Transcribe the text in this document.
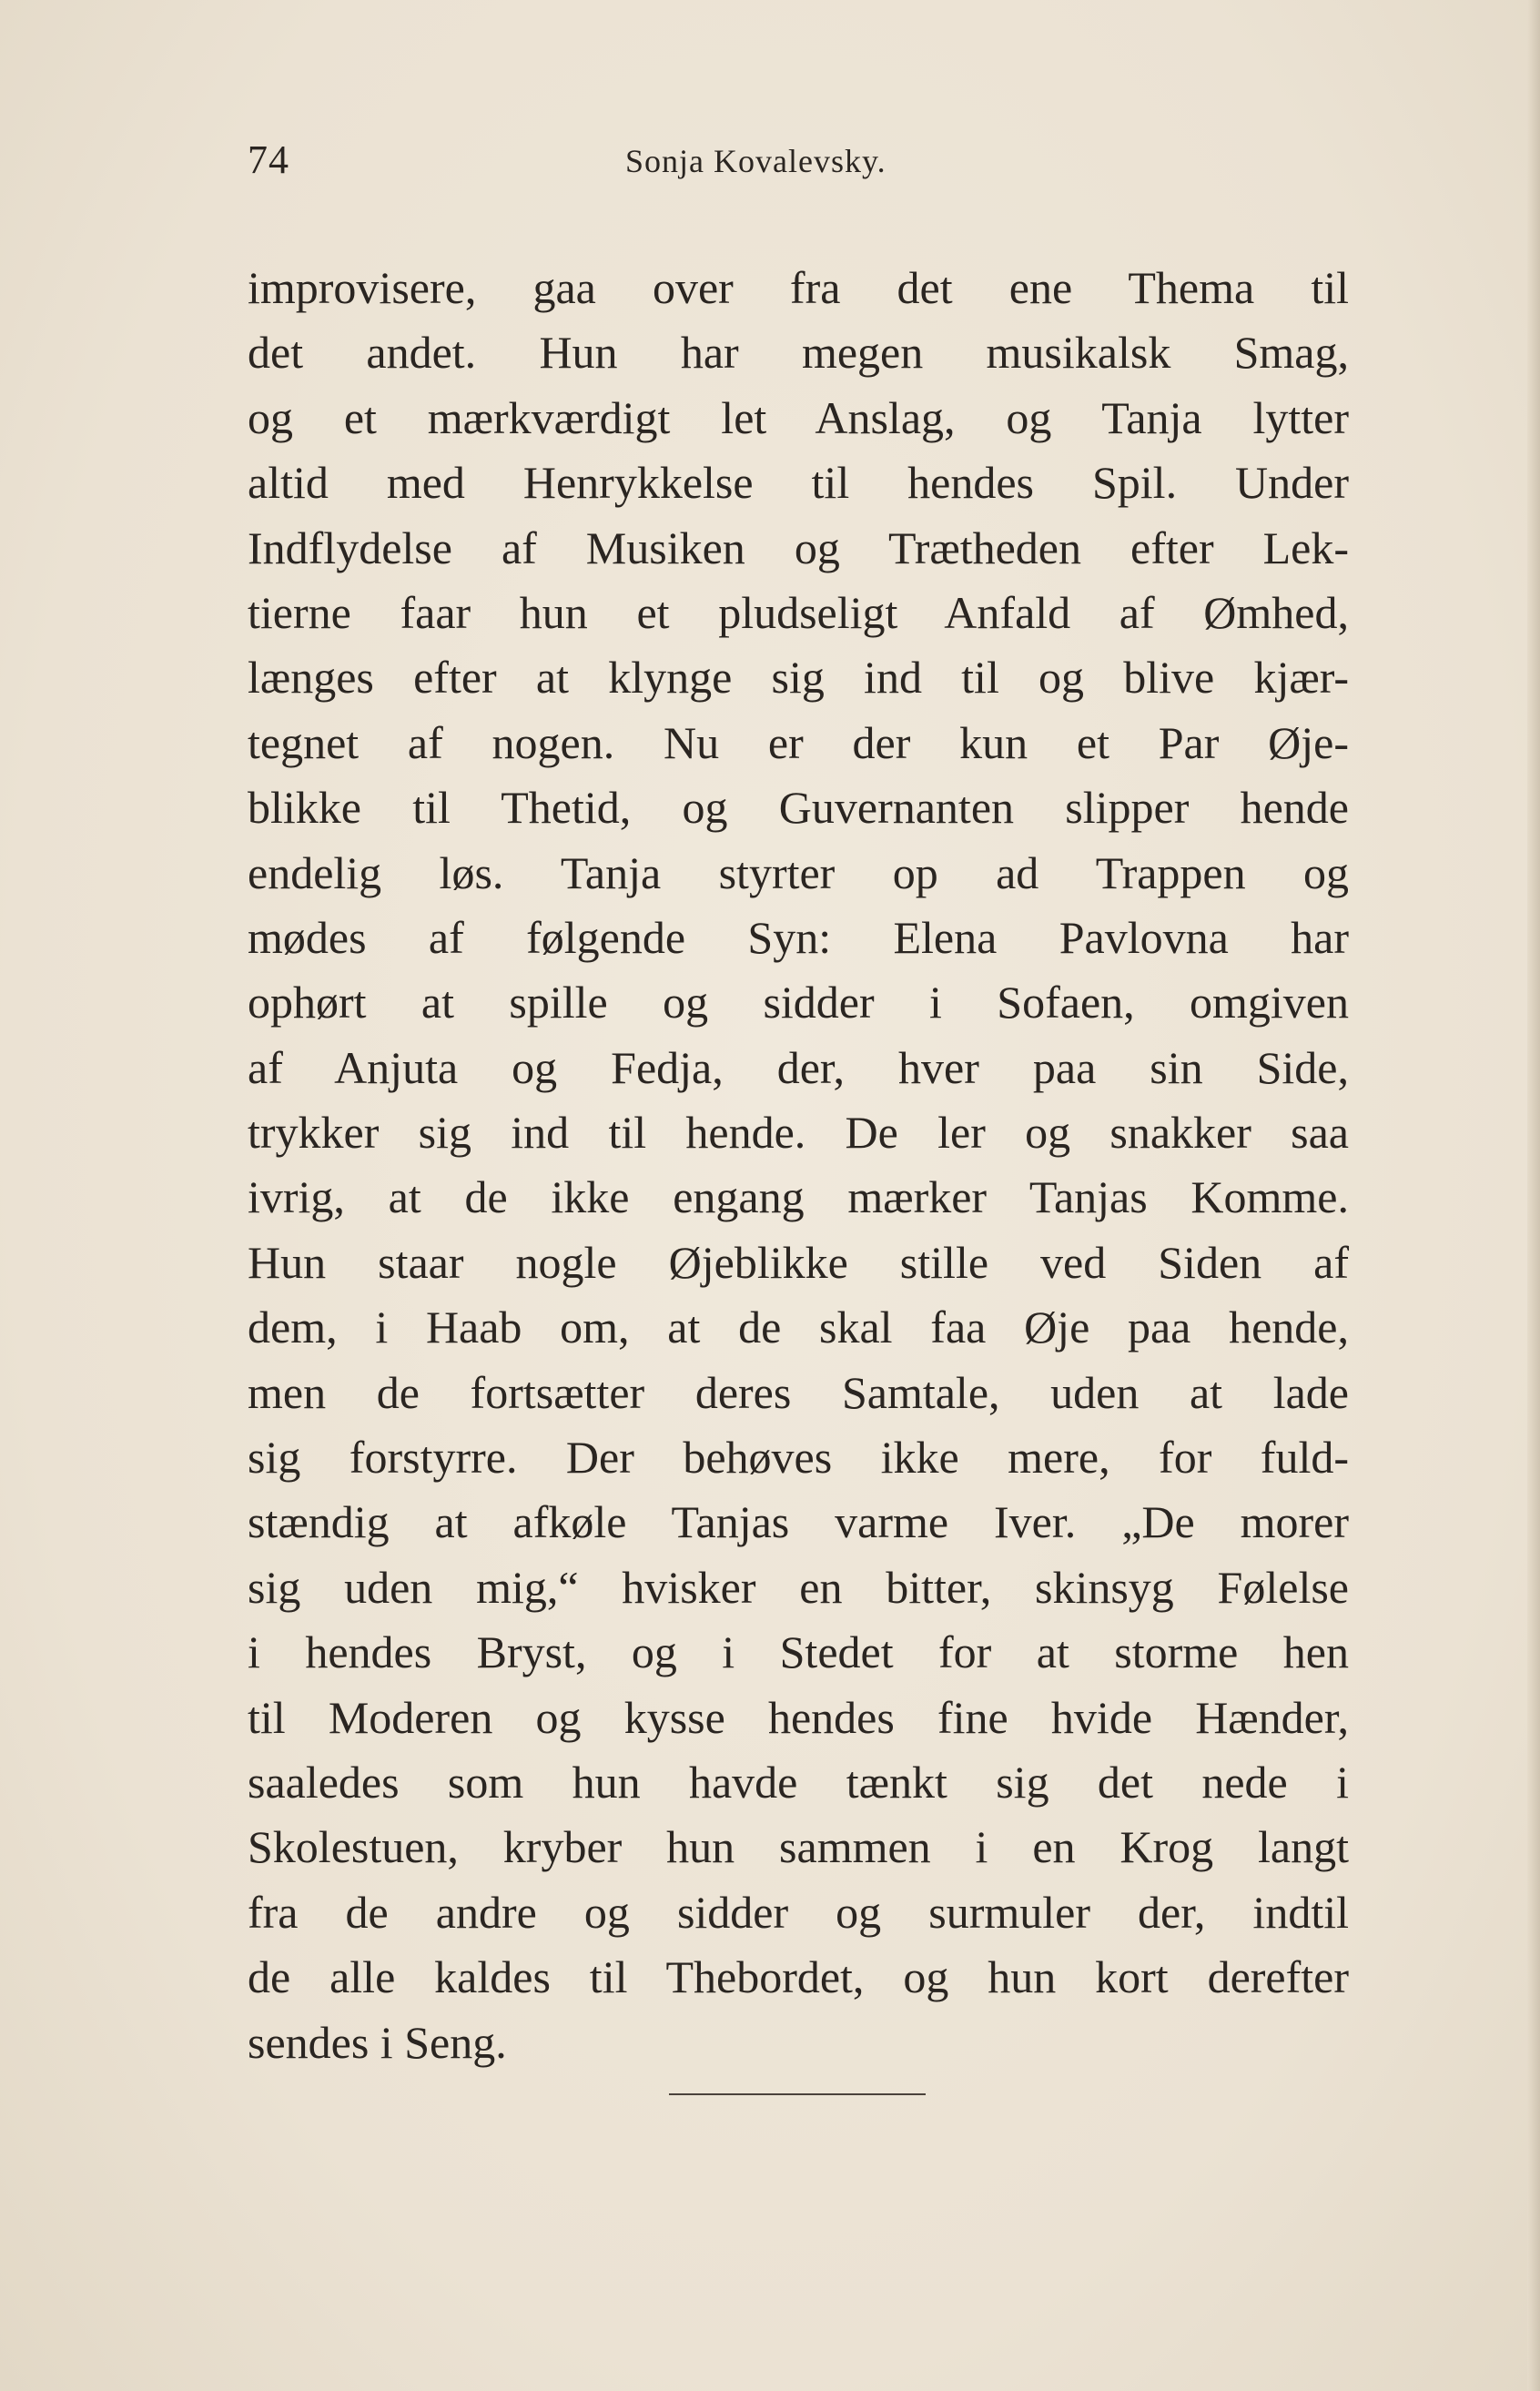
74	Sonja Kovalevsky.
improvisere, gaa over fra det ene Thema til
det andet. Hun har megen musikalsk Smag,
og et mærkværdigt let Anslag, og Tanja lytter
altid med Henrykkelse til hendes Spil. Under
Indflydelse af Musiken og Trætheden efter Lek-
tierne faar hun et pludseligt Anfald af Ømhed,
længes efter at klynge sig ind til og blive kjær-
tegnet af nogen. Nu er der kun et Par Øje-
blikke til Thetid, og Guvernanten slipper hende
endelig løs. Tanja styrter op ad Trappen og
mødes af følgende Syn: Elena Pavlovna har
ophørt at spille og sidder i Sofaen, omgiven
af Anjuta og Fedja, der, hver paa sin Side,
trykker sig ind til hende. De ler og snakker saa
ivrig, at de ikke engang mærker Tanjas Komme.
Hun staar nogle Øjeblikke stille ved Siden af
dem, i Haab om, at de skal faa Øje paa hende,
men de fortsætter deres Samtale, uden at lade
sig forstyrre. Der behøves ikke mere, for fuld-
stændig at afkøle Tanjas varme Iver. „De morer
sig uden mig,“ hvisker en bitter, skinsyg Følelse
i hendes Bryst, og i Stedet for at storme hen
til Moderen og kysse hendes fine hvide Hænder,
saaledes som hun havde tænkt sig det nede i
Skolestuen, kryber hun sammen i en Krog langt
fra de andre og sidder og surmuler der, indtil
de alle kaldes til Thebordet, og hun kort derefter
sendes i Seng.
